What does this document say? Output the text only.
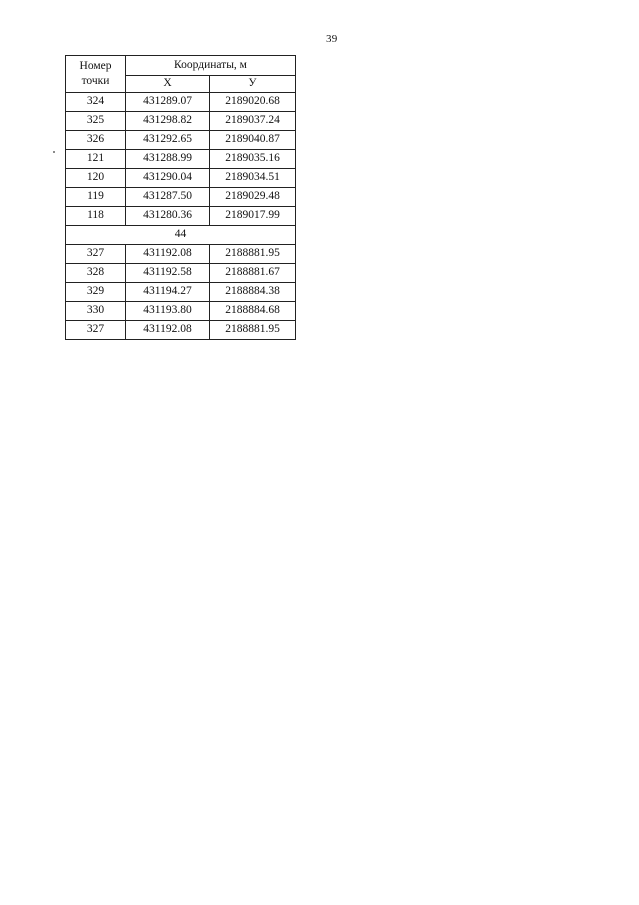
39
Номер
точки	Координаты, м	
	Х	У
324	431289.07	2189020.68
325	431298.82	2189037.24
326	431292.65	2189040.87
121	431288.99	2189035.16
120	431290.04	2189034.51
119	431287.50	2189029.48
118	431280.36	2189017.99
44		
327	431192.08	2188881.95
328	431192.58	2188881.67
329	431194.27	2188884.38
330	431193.80	2188884.68
327	431192.08	2188881.95
